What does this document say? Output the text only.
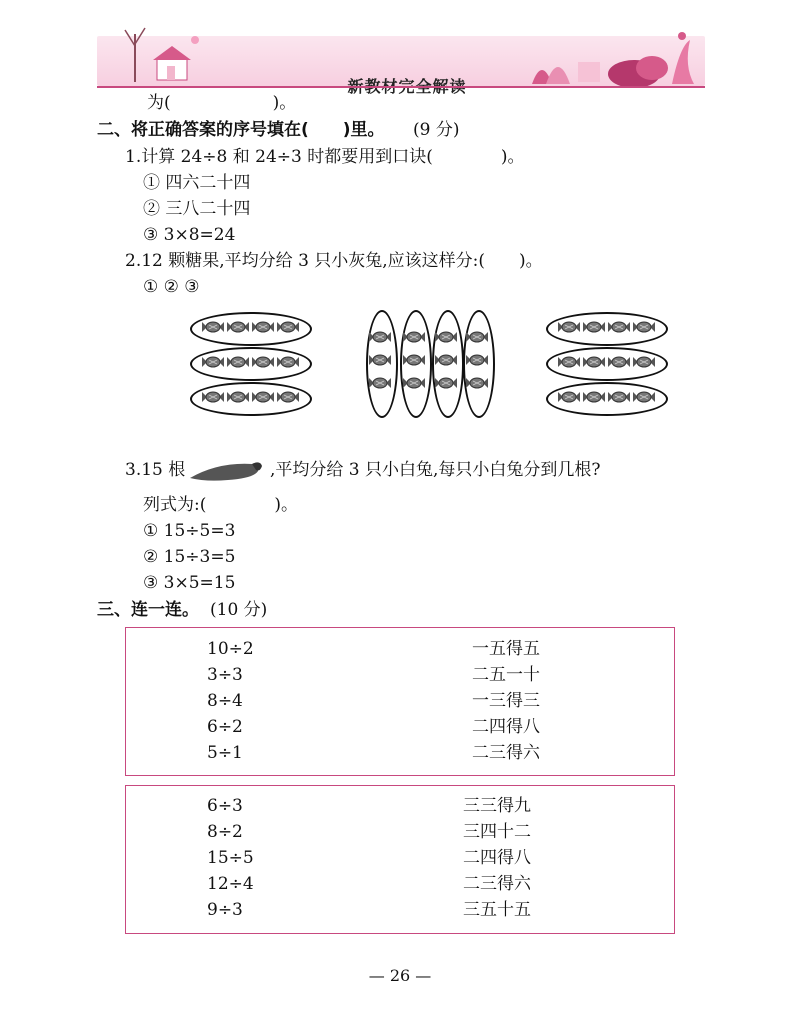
新教材完全解读
为(　　　　　　)。
二、将正确答案的序号填在(　　)里。 (9 分)
1.计算 24÷8 和 24÷3 时都要用到口诀(　　　　)。
① 四六二十四
② 三八二十四
③ 3×8=24
2.12 颗糖果,平均分给 3 只小灰兔,应该这样分:(　　)。
① ② ③
3.15 根	,平均分给 3 只小白兔,每只小白兔分到几根?
列式为:(　　　　)。
① 15÷5=3
② 15÷3=5
③ 3×5=15
三、连一连。 (10 分)
10÷2
3÷3
8÷4
6÷2
5÷1
一五得五
二五一十
一三得三
二四得八
二三得六
6÷3
8÷2
15÷5
12÷4
9÷3
三三得九
三四十二
二四得八
二三得六
三五十五
— 26 —
